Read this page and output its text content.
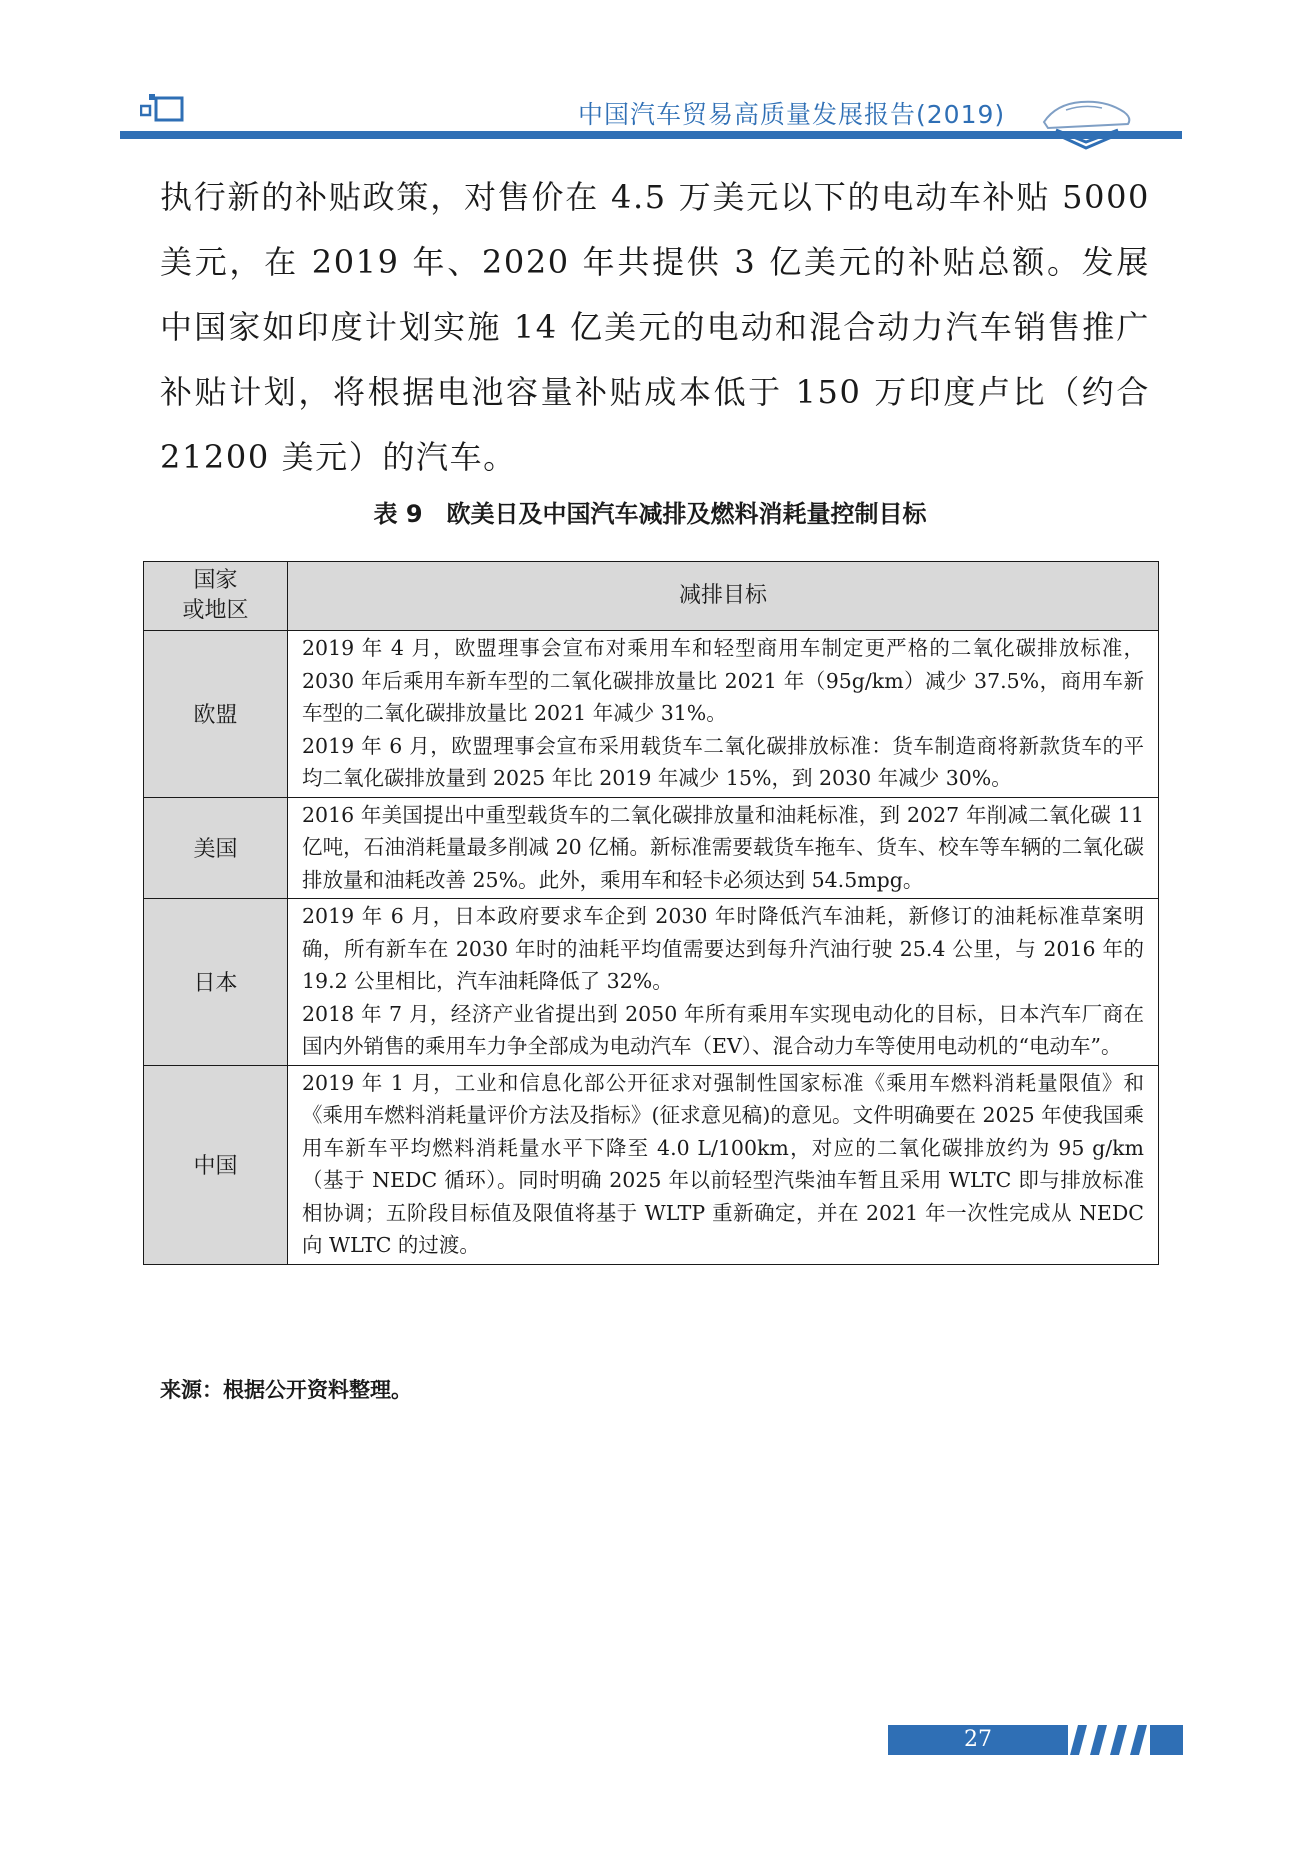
中国汽车贸易高质量发展报告(2019)

执行新的补贴政策，对售价在 4.5 万美元以下的电动车补贴 5000 美元，在 2019 年、2020 年共提供 3 亿美元的补贴总额。发展中国家如印度计划实施 14 亿美元的电动和混合动力汽车销售推广补贴计划，将根据电池容量补贴成本低于 150 万印度卢比（约合 21200 美元）的汽车。

表 9　欧美日及中国汽车减排及燃料消耗量控制目标
国家
或地区	减排目标
欧盟	2019 年 4 月，欧盟理事会宣布对乘用车和轻型商用车制定更严格的二氧化碳排放标准，2030 年后乘用车新车型的二氧化碳排放量比 2021 年（95g/km）减少 37.5%，商用车新车型的二氧化碳排放量比 2021 年减少 31%。

2019 年 6 月，欧盟理事会宣布采用载货车二氧化碳排放标准：货车制造商将新款货车的平均二氧化碳排放量到 2025 年比 2019 年减少 15%，到 2030 年减少 30%。

美国	2016 年美国提出中重型载货车的二氧化碳排放量和油耗标准，到 2027 年削减二氧化碳 11 亿吨，石油消耗量最多削减 20 亿桶。新标准需要载货车拖车、货车、校车等车辆的二氧化碳排放量和油耗改善 25%。此外，乘用车和轻卡必须达到 54.5mpg。

日本	2019 年 6 月，日本政府要求车企到 2030 年时降低汽车油耗，新修订的油耗标准草案明确，所有新车在 2030 年时的油耗平均值需要达到每升汽油行驶 25.4 公里，与 2016 年的 19.2 公里相比，汽车油耗降低了 32%。

2018 年 7 月，经济产业省提出到 2050 年所有乘用车实现电动化的目标，日本汽车厂商在国内外销售的乘用车力争全部成为电动汽车（EV）、混合动力车等使用电动机的“电动车”。

中国	2019 年 1 月，工业和信息化部公开征求对强制性国家标准《乘用车燃料消耗量限值》和《乘用车燃料消耗量评价方法及指标》(征求意见稿)的意见。文件明确要在 2025 年使我国乘用车新车平均燃料消耗量水平下降至 4.0 L/100km，对应的二氧化碳排放约为 95 g/km（基于 NEDC 循环）。同时明确 2025 年以前轻型汽柴油车暂且采用 WLTC 即与排放标准相协调；五阶段目标值及限值将基于 WLTP 重新确定，并在 2021 年一次性完成从 NEDC 向 WLTC 的过渡。

来源：根据公开资料整理。
27
